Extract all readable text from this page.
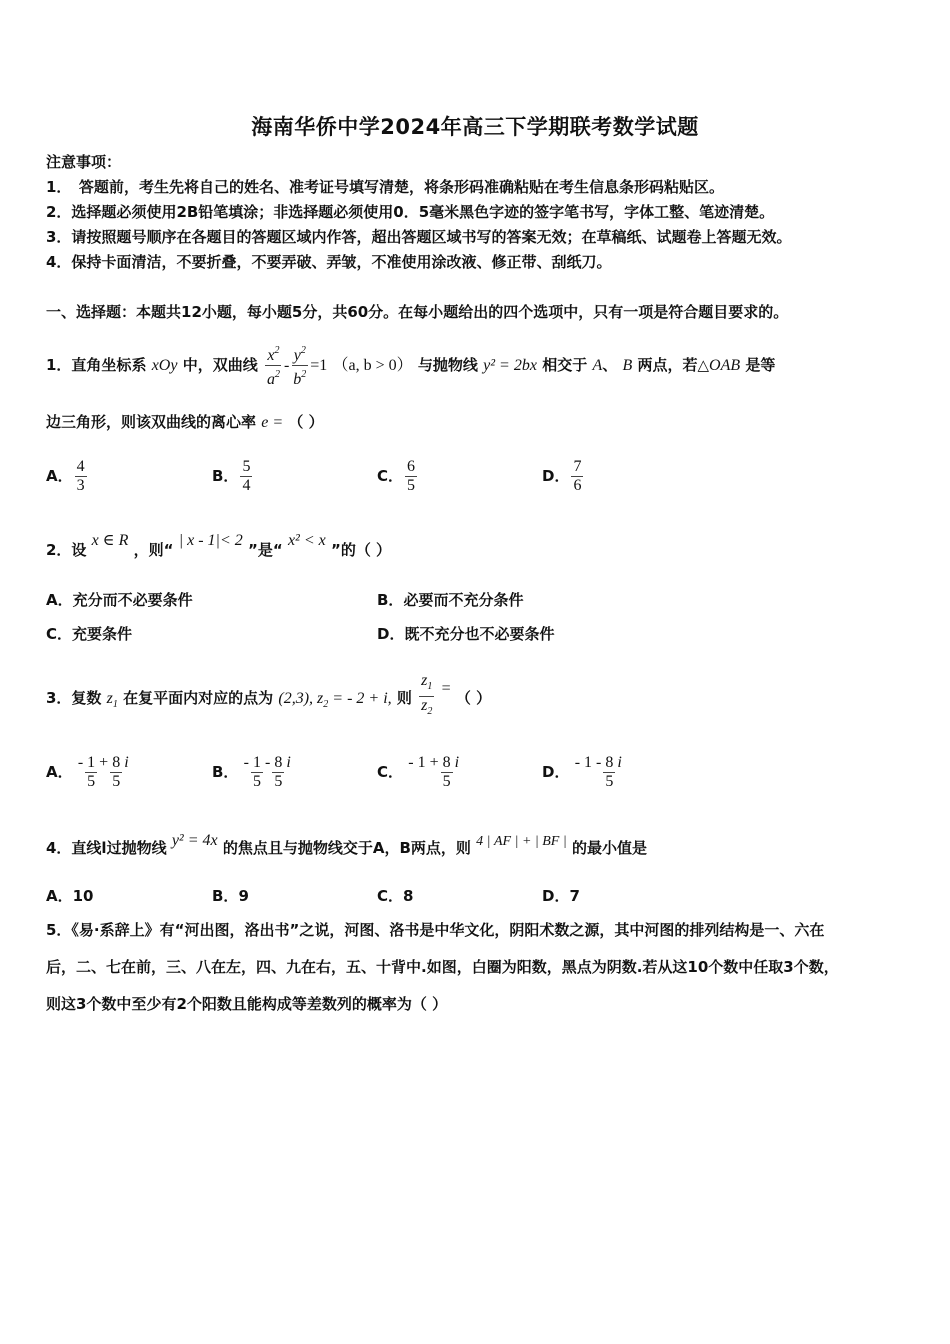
海南华侨中学2024年高三下学期联考数学试题
注意事项：
1．　答题前，考生先将自己的姓名、准考证号填写清楚，将条形码准确粘贴在考生信息条形码粘贴区。
2．选择题必须使用2B铅笔填涂；非选择题必须使用0．5毫米黑色字迹的签字笔书写，字体工整、笔迹清楚。
3．请按照题号顺序在各题目的答题区域内作答，超出答题区域书写的答案无效；在草稿纸、试题卷上答题无效。
4．保持卡面清洁，不要折叠，不要弄破、弄皱，不准使用涂改液、修正带、刮纸刀。
一、选择题：本题共12小题，每小题5分，共60分。在每小题给出的四个选项中，只有一项是符合题目要求的。
1．直角坐标系 xOy 中，双曲线 $\frac{x^2}{a^2} - \frac{y^2}{b^2} =1$ （a, b > 0） 与抛物线 y² = 2bx 相交于 A、 B 两点，若△OAB 是等
边三角形，则该双曲线的离心率 e = （ ）
A． $\frac{4}{3}$	B． $\frac{5}{4}$	C． $\frac{6}{5}$	D． $\frac{7}{6}$
2．设 x ∈ R ，则“ | x - 1|< 2 ”是“ x² < x ”的（ ）
A．充分而不必要条件	B．必要而不充分条件
C．充要条件	D．既不充分也不必要条件
3．复数 $z_1$ 在复平面内对应的点为 (2,3), $z_2$ = - 2 + i, 则 $\frac{z_1}{z_2}$ = （ ）
A． - $\frac{1}{5} + \frac{8}{5}$ i
B． - $\frac{1}{5} - \frac{8}{5}$ i
C． - $1 + \frac{8}{5}$ i
D． - $1 - \frac{8}{5}$ i
4．直线l过抛物线 y² = 4x 的焦点且与抛物线交于A，B两点，则 4 | AF | + | BF | 的最小值是
A．10	B．9	C．8	D．7
5．《易·系辞上》有“河出图，洛出书”之说，河图、洛书是中华文化，阴阳术数之源，其中河图的排列结构是一、六在
后，二、七在前，三、八在左，四、九在右，五、十背中.如图，白圈为阳数，黑点为阴数.若从这10个数中任取3个数，
则这3个数中至少有2个阳数且能构成等差数列的概率为（ ）
